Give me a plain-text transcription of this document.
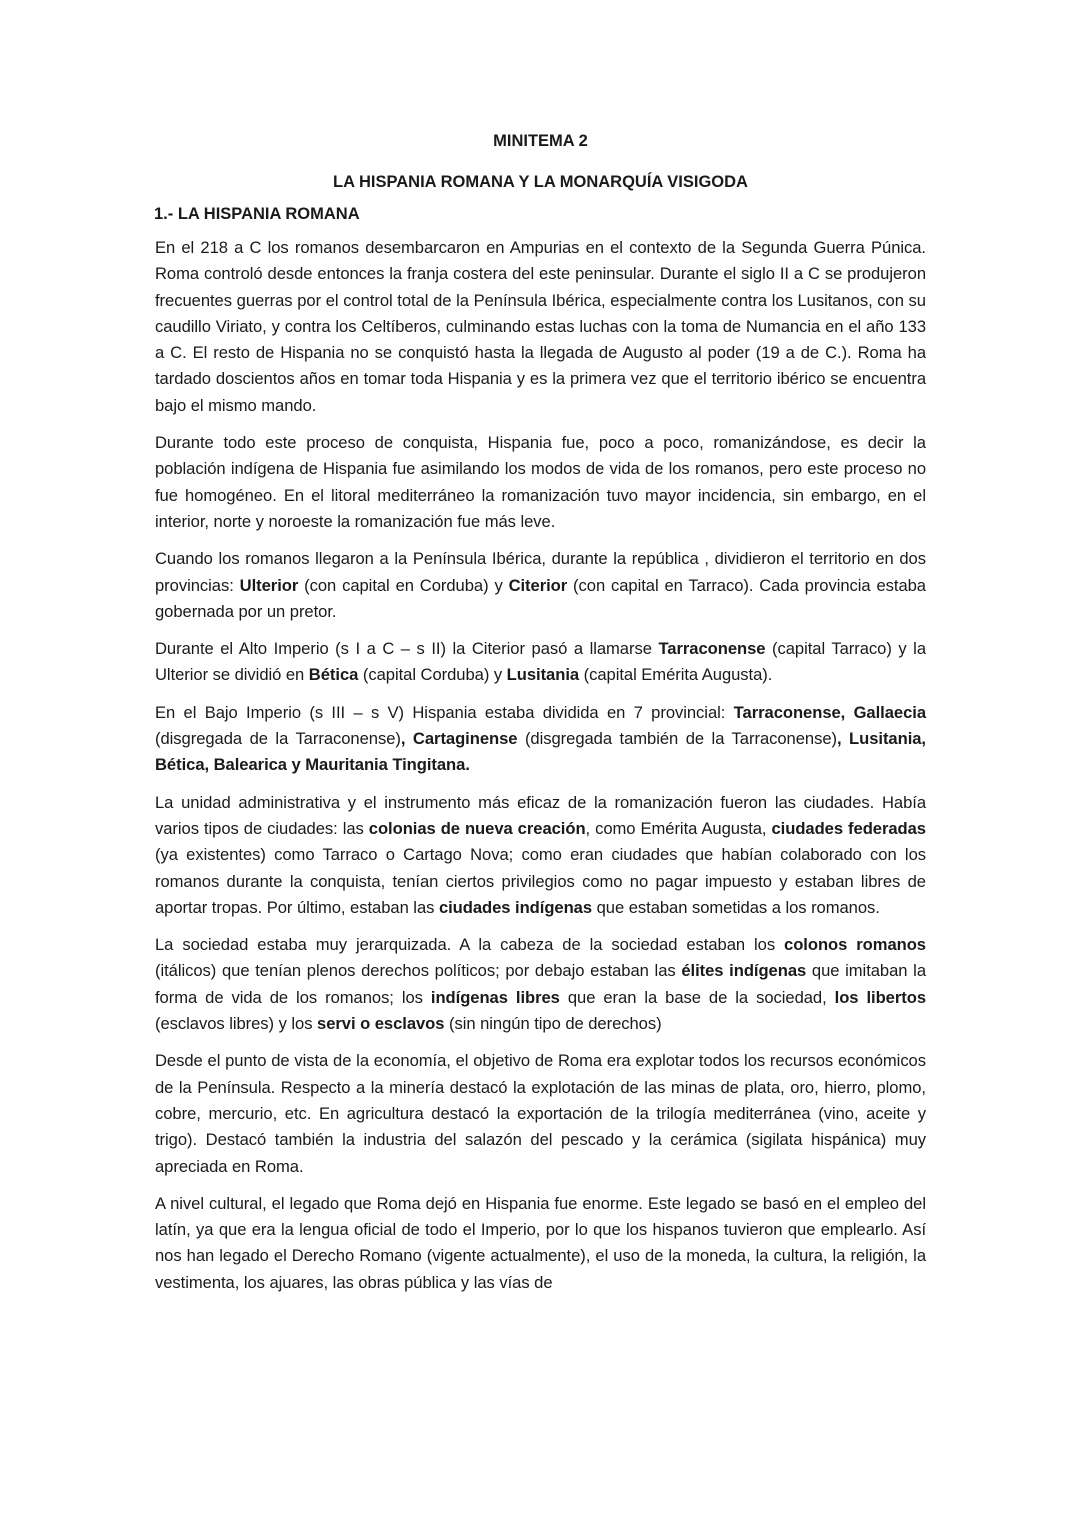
MINITEMA 2
LA HISPANIA ROMANA Y LA MONARQUÍA VISIGODA
1.- LA HISPANIA ROMANA

En el 218 a C los romanos desembarcaron en Ampurias en el contexto de la Segunda Guerra Púnica. Roma controló desde entonces la franja costera del este peninsular. Durante el siglo II a C se produjeron frecuentes guerras por el control total de la Península Ibérica, especialmente contra los Lusitanos, con su caudillo Viriato, y contra los Celtíberos, culminando estas luchas con la toma de Numancia en el año 133 a C. El resto de Hispania no se conquistó hasta la llegada de Augusto al poder (19 a de C.). Roma ha tardado doscientos años en tomar toda Hispania y es la primera vez que el territorio ibérico se encuentra bajo el mismo mando.

Durante todo este proceso de conquista, Hispania fue, poco a poco, romanizándose, es decir la población indígena de Hispania fue asimilando los modos de vida de los romanos, pero este proceso no fue homogéneo. En el litoral mediterráneo la romanización tuvo mayor incidencia, sin embargo, en el interior, norte y noroeste la romanización fue más leve.

Cuando los romanos llegaron a la Península Ibérica, durante la república , dividieron el territorio en dos provincias: Ulterior (con capital en Corduba) y Citerior (con capital en Tarraco). Cada provincia estaba gobernada por un pretor.

Durante el Alto Imperio (s I a C – s II) la Citerior pasó a llamarse Tarraconense (capital Tarraco) y la Ulterior se dividió en Bética (capital Corduba) y Lusitania (capital Emérita Augusta).

En el Bajo Imperio (s III – s V) Hispania estaba dividida en 7 provincial: Tarraconense, Gallaecia (disgregada de la Tarraconense), Cartaginense (disgregada también de la Tarraconense), Lusitania, Bética, Balearica y Mauritania Tingitana.

La unidad administrativa y el instrumento más eficaz de la romanización fueron las ciudades. Había varios tipos de ciudades: las colonias de nueva creación, como Emérita Augusta, ciudades federadas (ya existentes) como Tarraco o Cartago Nova; como eran ciudades que habían colaborado con los romanos durante la conquista, tenían ciertos privilegios como no pagar impuesto y estaban libres de aportar tropas. Por último, estaban las ciudades indígenas que estaban sometidas a los romanos.

La sociedad estaba muy jerarquizada. A la cabeza de la sociedad estaban los colonos romanos (itálicos) que tenían plenos derechos políticos; por debajo estaban las élites indígenas que imitaban la forma de vida de los romanos; los indígenas libres que eran la base de la sociedad, los libertos (esclavos libres) y los servi o esclavos (sin ningún tipo de derechos)

Desde el punto de vista de la economía, el objetivo de Roma era explotar todos los recursos económicos de la Península. Respecto a la minería destacó la explotación de las minas de plata, oro, hierro, plomo, cobre, mercurio, etc. En agricultura destacó la exportación de la trilogía mediterránea (vino, aceite y trigo). Destacó también la industria del salazón del pescado y la cerámica (sigilata hispánica) muy apreciada en Roma.

A nivel cultural, el legado que Roma dejó en Hispania fue enorme. Este legado se basó en el empleo del latín, ya que era la lengua oficial de todo el Imperio, por lo que los hispanos tuvieron que emplearlo. Así nos han legado el Derecho Romano (vigente actualmente), el uso de la moneda, la cultura, la religión, la vestimenta, los ajuares, las obras pública y las vías de
